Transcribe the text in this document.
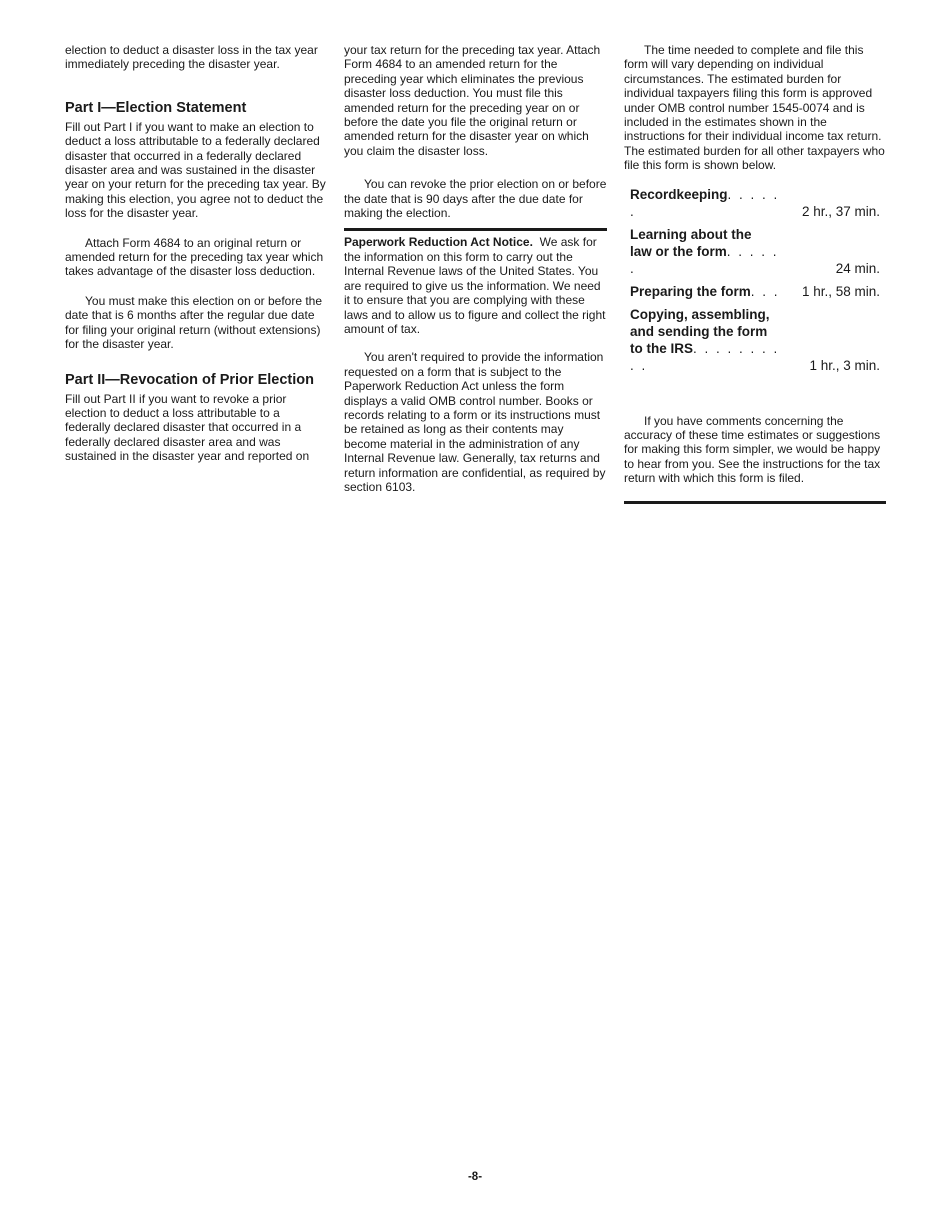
election to deduct a disaster loss in the tax year immediately preceding the disaster year.

Part I—Election Statement

Fill out Part I if you want to make an election to deduct a loss attributable to a federally declared disaster that occurred in a federally declared disaster area and was sustained in the disaster year on your return for the preceding tax year. By making this election, you agree not to deduct the loss for the disaster year.

Attach Form 4684 to an original return or amended return for the preceding tax year which takes advantage of the disaster loss deduction.

You must make this election on or before the date that is 6 months after the regular due date for filing your original return (without extensions) for the disaster year.

Part II—Revocation of Prior Election

Fill out Part II if you want to revoke a prior election to deduct a loss attributable to a federally declared disaster that occurred in a federally declared disaster area and was sustained in the disaster year and reported on

your tax return for the preceding tax year. Attach Form 4684 to an amended return for the preceding year which eliminates the previous disaster loss deduction. You must file this amended return for the preceding year on or before the date you file the original return or amended return for the disaster year on which you claim the disaster loss.

You can revoke the prior election on or before the date that is 90 days after the due date for making the election.

Paperwork Reduction Act Notice. We ask for the information on this form to carry out the Internal Revenue laws of the United States. You are required to give us the information. We need it to ensure that you are complying with these laws and to allow us to figure and collect the right amount of tax.

You aren't required to provide the information requested on a form that is subject to the Paperwork Reduction Act unless the form displays a valid OMB control number. Books or records relating to a form or its instructions must be retained as long as their contents may become material in the administration of any Internal Revenue law. Generally, tax returns and return information are confidential, as required by section 6103.

The time needed to complete and file this form will vary depending on individual circumstances. The estimated burden for individual taxpayers filing this form is approved under OMB control number 1545-0074 and is included in the estimates shown in the instructions for their individual income tax return. The estimated burden for all other taxpayers who file this form is shown below.

Recordkeeping. . . . . .	2 hr., 37 min.
Learning about the
law or the form. . . . . .	24 min.
Preparing the form. . .	1 hr., 58 min.
Copying, assembling,
and sending the form
to the IRS. . . . . . . . . .	1 hr., 3 min.

If you have comments concerning the accuracy of these time estimates or suggestions for making this form simpler, we would be happy to hear from you. See the instructions for the tax return with which this form is filed.

-8-
